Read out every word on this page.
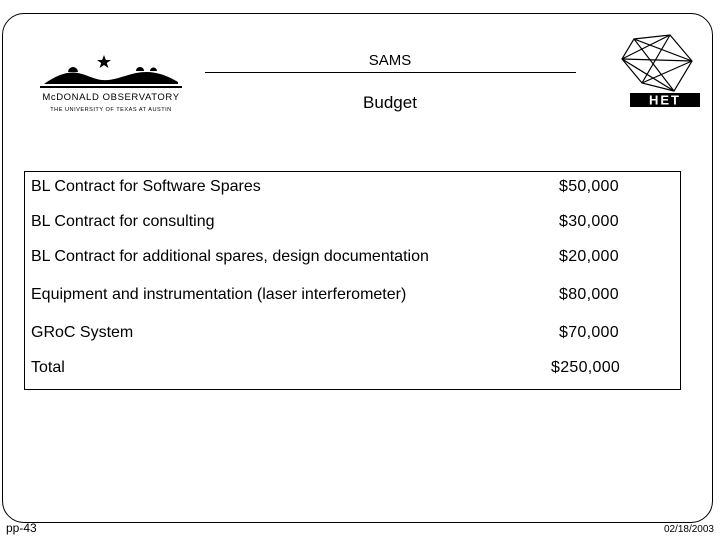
McDONALD OBSERVATORY
THE UNIVERSITY OF TEXAS AT AUSTIN
HET
SAMS
Budget
BL Contract for Software Spares	$50,000
BL Contract for consulting	$30,000
BL Contract for additional spares, design documentation	$20,000
Equipment and instrumentation (laser interferometer)	$80,000
GRoC System	$70,000
Total	$250,000
pp-43	02/18/2003
